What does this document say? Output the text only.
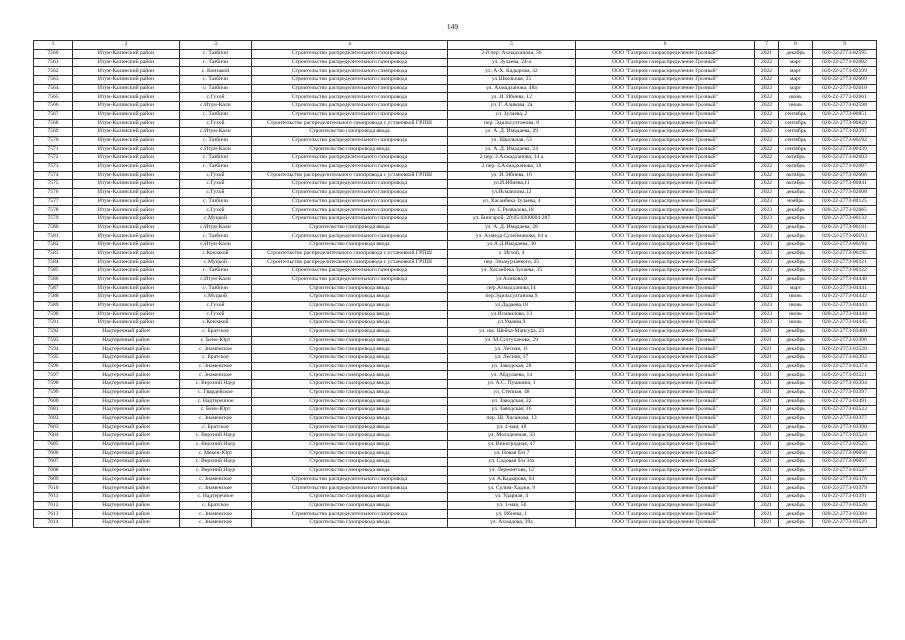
149
1	2	3	4	5	6	7	8	9
7560	Итум-Калинский район	с. Тазбичи	Строительство распределительного газопровода	2-й пер. Ахмадханова, 56	ООО "Газпром газораспределение Грозный"	2021	декабрь	020-22-2773-02595
7561	Итум-Калинский район	с. Тазбичи	Строительство распределительного газопровода	ул. Зулаева, 24-а	ООО "Газпром газораспределение Грозный"	2022	март	020-22-2773-02602
7562	Итум-Калинский район	с. Конзакой	Строительство распределительного газопровода	ул. А-Х. Кадырова, 32	ООО "Газпром газораспределение Грозный"	2022	март	020-22-2773-02599
7563	Итум-Калинский район	с. Тазбичи	Строительство распределительного газопровода	ул.Школьная, 35	ООО "Газпром газораспределение Грозный"	2022	март	020-22-2773-02609
7564	Итум-Калинский район	с. Тазбичи	Строительство распределительного газопровода	ул. Ахмадханова, 48а	ООО "Газпром газораспределение Грозный"	2022	март	020-22-2773-02610
7565	Итум-Калинский район	с.Гухой	Строительство распределительного газопровода	ул. И. Ибиева, 12	ООО "Газпром газораспределение Грозный"	2022	июнь	020-22-2773-02661
7566	Итум-Калинский район	с.Итум-Кали	Строительство распределительного газопровода	ул. Г. Аликова, 2а	ООО "Газпром газораспределение Грозный"	2022	июнь	020-22-2773-02598
7567	Итум-Калинский район	с. Тазбичи	Строительство распределительного газопровода	ул. Зулаева, 2	ООО "Газпром газораспределение Грозный"	2022	сентябрь	020-22-2773-00851
7568	Итум-Калинский район	с.Гухой	Строительство распределительного газопровода с установкой ГРПШ	пер. Эдильсултанова, 8	ООО "Газпром газораспределение Грозный"	2022	сентябрь	020-22-2773-00829
7569	Итум-Калинский район	с.Итум-Кали	Строительство газопровода ввода	ул. А. Д. Имадаева, 29	ООО "Газпром газораспределение Грозный"	2022	сентябрь	020-22-2773-02597
7570	Итум-Калинский район	с. Тазбичи	Строительство распределительного газопровода	ул. Школьная, 53	ООО "Газпром газораспределение Грозный"	2022	сентябрь	020-22-2773-00192
7571	Итум-Калинский район	с.Итум-Кали	Строительство газопровода ввода	ул. А. Д. Имадаева, 24	ООО "Газпром газораспределение Грозный"	2022	сентябрь	020-22-2773-00439
7572	Итум-Калинский район	с. Тазбичи	Строительство распределительного газопровода	2 пер. З.Ахмадханова, 14 а	ООО "Газпром газораспределение Грозный"	2022	октябрь	020-22-2773-02603
7573	Итум-Калинский район	с. Тазбичи	Строительство распределительного газопровода	2 пер. З.Ахмадханова, 18	ООО "Газпром газораспределение Грозный"	2022	октябрь	020-22-2773-02607
7574	Итум-Калинский район	с.Гухой	Строительство распределительного газопровода с установкой ГРПШ	ул. И. Ибиева, 16	ООО "Газпром газораспределение Грозный"	2022	октябрь	020-22-2773-02606
7575	Итум-Калинский район	с.Гухой	Строительство распределительного газопровода	ул.И.Ибиева,11	ООО "Газпром газораспределение Грозный"	2022	октябрь	020-22-2773-00841
7576	Итум-Калинский район	с.Гухой	Строительство распределительного газопровода	ул.Исмаилова,12	ООО "Газпром газораспределение Грозный"	2022	декабрь	020-22-2773-02608
7577	Итум-Калинский район	с. Тазбичи	Строительство распределительного газопровода	ул. Хасанбека Зулаева, 4	ООО "Газпром газораспределение Грозный"	2023	ноябрь	020-22-2773-00125
7578	Итум-Калинский район	с.Гухой	Строительство распределительного газопровода	ул. С Ризвалова,18	ООО "Газпром газораспределение Грозный"	2023	декабрь	020-22-2773-02665
7579	Итум-Калинский район	с.Муцкой	Строительство распределительного газопровода	ул. Бингарой, 20:05:0200004:287	ООО "Газпром газораспределение Грозный"	2023	декабрь	020-22-2773-00132
7580	Итум-Калинский район	с.Итум-Кали	Строительство газопровода ввода	ул. А. Д. Имадаева, 28	ООО "Газпром газораспределение Грозный"	2023	декабрь	020-22-2773-00191
7581	Итум-Калинский район	с. Тазбичи	Строительство распределительного газопровода	ул. Ахмеда Сулейманова, 64 а	ООО "Газпром газораспределение Грозный"	2023	декабрь	020-22-2773-00193
7582	Итум-Калинский район	с.Итум-Кали	Строительство газопровода ввода	ул.А.Д.Имадаева, 30	ООО "Газпром газораспределение Грозный"	2023	декабрь	020-22-2773-00194
7583	Итум-Калинский район	с.Конзакой	Строительство распределительного газопровода с установкой ГРПШ	х. Исхой, 4	ООО "Газпром газораспределение Грозный"	2023	декабрь	020-22-2773-00195
7584	Итум-Калинский район	с.Муцкой	Строительство распределительного газопровода с установкой ГРПШ	пер. Эльмурзаевого, 25	ООО "Газпром газораспределение Грозный"	2023	декабрь	020-22-2773-00121
7585	Итум-Калинский район	с. Тазбичи	Строительство распределительного газопровода	ул. Хасанбека Зулаева, 35	ООО "Газпром газораспределение Грозный"	2023	декабрь	020-22-2773-00122
7586	Итум-Калинский район	с.Итум-Кали	Строительство распределительного газопровода	ул.Аликова,6	ООО "Газпром газораспределение Грозный"	2023	декабрь	020-22-2773-04440
7587	Итум-Калинский район	с. Тазбичи	Строительство газопровода ввода	пер.Ахмадханова,14	ООО "Газпром газораспределение Грозный"	2023	март	020-22-2773-04441
7588	Итум-Калинский район	с.Муцкой	Строительство газопровода ввода	пер.Эдильсултанова,9	ООО "Газпром газораспределение Грозный"	2023	июнь	020-22-2773-04442
7589	Итум-Калинский район	с.Гухой	Строительство газопровода ввода	ул.Дадаева,18	ООО "Газпром газораспределение Грозный"	2023	июнь	020-22-2773-04443
7590	Итум-Калинский район	с.Гухой	Строительство газопровода ввода	ул.Исмаилова, 13	ООО "Газпром газораспределение Грозный"	2023	июнь	020-22-2773-04444
7591	Итум-Калинский район	с.Конзакой	Строительство газопровода ввода	ул.Умаева,9	ООО "Газпром газораспределение Грозный"	2023	июнь	020-22-2773-04445
7592	Надтеречный район	с. Братское	Строительство газопровода ввода	ул. им. Шейха-Мансура, 23	ООО "Газпром газораспределение Грозный"	2021	декабрь	020-22-2773-03460
7593	Надтеречный район	с. Бено-Юрт	Строительство газопровода ввода	ул. М.Султуханова, 29	ООО "Газпром газораспределение Грозный"	2021	декабрь	020-22-2773-03396
7594	Надтеречный район	с. Знаменское	Строительство газопровода ввода	ул. Лесная, 11	ООО "Газпром газораспределение Грозный"	2021	декабрь	020-22-2773-03520
7595	Надтеречный район	с. Братское	Строительство газопровода ввода	ул. Лесная, 17	ООО "Газпром газораспределение Грозный"	2021	декабрь	020-22-2773-03392
7596	Надтеречный район	с. Знаменское	Строительство газопровода ввода	ул. Заводская, 28	ООО "Газпром газораспределение Грозный"	2021	декабрь	020-22-2773-03374
7597	Надтеречный район	с. Знаменское	Строительство газопровода ввода	ул. Абдулаева, 14	ООО "Газпром газораспределение Грозный"	2021	декабрь	020-22-2773-03521
7598	Надтеречный район	с. Верхний Наур	Строительство газопровода ввода	ул. А.С. Пушкина, 1	ООО "Газпром газораспределение Грозный"	2021	декабрь	020-22-2773-03394
7599	Надтеречный район	с. Гвардейское	Строительство газопровода ввода	ул. Степная, 48	ООО "Газпром газораспределение Грозный"	2021	декабрь	020-22-2773-03397
7600	Надтеречный район	с. Надтеречное	Строительство газопровода ввода	ул. Заводская, 22	ООО "Газпром газораспределение Грозный"	2021	декабрь	020-22-2773-03491
7601	Надтеречный район	с. Бено-Юрт	Строительство газопровода ввода	ул. Заводская, 16	ООО "Газпром газораспределение Грозный"	2021	декабрь	020-22-2773-03523
7602	Надтеречный район	с. Знаменское	Строительство газопровода ввода	пер. Ш. Хасанова, 13	ООО "Газпром газораспределение Грозный"	2021	декабрь	020-22-2773-03377
7603	Надтеречный район	с. Братское	Строительство газопровода ввода	ул. 1-мая, 48	ООО "Газпром газораспределение Грозный"	2021	декабрь	020-22-2773-03390
7604	Надтеречный район	с. Верхний Наур	Строительство газопровода ввода	ул. Молодежная, 33	ООО "Газпром газораспределение Грозный"	2021	декабрь	020-22-2773-03524
7605	Надтеречный район	с. Верхний Наур	Строительство газопровода ввода	ул. Виноградная, 47	ООО "Газпром газораспределение Грозный"	2021	декабрь	020-22-2773-03525
7606	Надтеречный район	с. Мекен-Юрт	Строительство газопровода ввода	ул. Новая б/н 7	ООО "Газпром газораспределение Грозный"	2021	декабрь	020-22-2773-00056
7607	Надтеречный район	с. Верхний Наур	Строительство газопровода ввода	ул. Садовая б/н 34а	ООО "Газпром газораспределение Грозный"	2021	декабрь	020-22-2773-00057
7608	Надтеречный район	с. Верхний Наур	Строительство газопровода ввода	ул. Лермонтова, 12	ООО "Газпром газораспределение Грозный"	2021	декабрь	020-22-2773-03527
7609	Надтеречный район	с. Знаменское	Строительство распределительного газопровода	ул. А.Кадырова, 64	ООО "Газпром газораспределение Грозный"	2021	декабрь	020-22-2773-03376
7610	Надтеречный район	с. Знаменское	Строительство распределительного газопровода	ул. Сулим-Хаджи, 9	ООО "Газпром газораспределение Грозный"	2021	декабрь	020-22-2773-03379
7611	Надтеречный район	с. Надтеречное	Строительство газопровода ввода	ул. Ударная, 4	ООО "Газпром газораспределение Грозный"	2021	декабрь	020-22-2773-03391
7612	Надтеречный район	с. Братское	Строительство газопровода ввода	ул. 1-мая, 50	ООО "Газпром газораспределение Грозный"	2021	декабрь	020-22-2773-03528
7613	Надтеречный район	с. Знаменское	Строительство распределительного газопровода	ул. Ибиева, 1	ООО "Газпром газораспределение Грозный"	2021	декабрь	020-22-2773-03384
7614	Надтеречный район	с. Знаменское	Строительство газопровода ввода	ул. Ахмадова, 39а	ООО "Газпром газораспределение Грозный"	2021	декабрь	020-22-2773-03529
